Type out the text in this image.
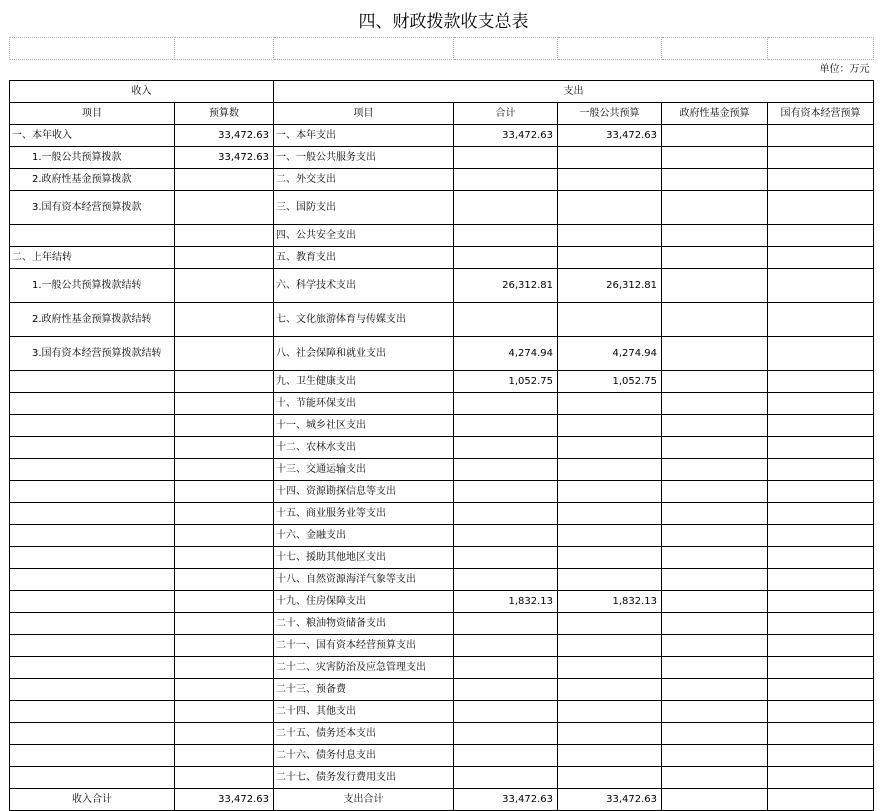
四、财政拨款收支总表

单位：万元						
收入		支出				
项目	预算数	项目	合计	一般公共预算	政府性基金预算	国有资本经营预算
一、本年收入	33,472.63	一、本年支出	33,472.63	33,472.63		
1.一般公共预算拨款	33,472.63	一、一般公共服务支出				
2.政府性基金预算拨款		二、外交支出				
3.国有资本经营预算拨款		三、国防支出				
		四、公共安全支出				
二、上年结转		五、教育支出				
1.一般公共预算拨款结转		六、科学技术支出	26,312.81	26,312.81		
2.政府性基金预算拨款结转		七、文化旅游体育与传媒支出				
3.国有资本经营预算拨款结转		八、社会保障和就业支出	4,274.94	4,274.94		
		九、卫生健康支出	1,052.75	1,052.75		
		十、节能环保支出				
		十一、城乡社区支出				
		十二、农林水支出				
		十三、交通运输支出				
		十四、资源勘探信息等支出				
		十五、商业服务业等支出				
		十六、金融支出				
		十七、援助其他地区支出				
		十八、自然资源海洋气象等支出				
		十九、住房保障支出	1,832.13	1,832.13		
		二十、粮油物资储备支出				
		二十一、国有资本经营预算支出				
		二十二、灾害防治及应急管理支出				
		二十三、预备费				
		二十四、其他支出				
		二十五、债务还本支出				
		二十六、债务付息支出				
		二十七、债务发行费用支出				
收入合计	33,472.63	支出合计	33,472.63	33,472.63		
